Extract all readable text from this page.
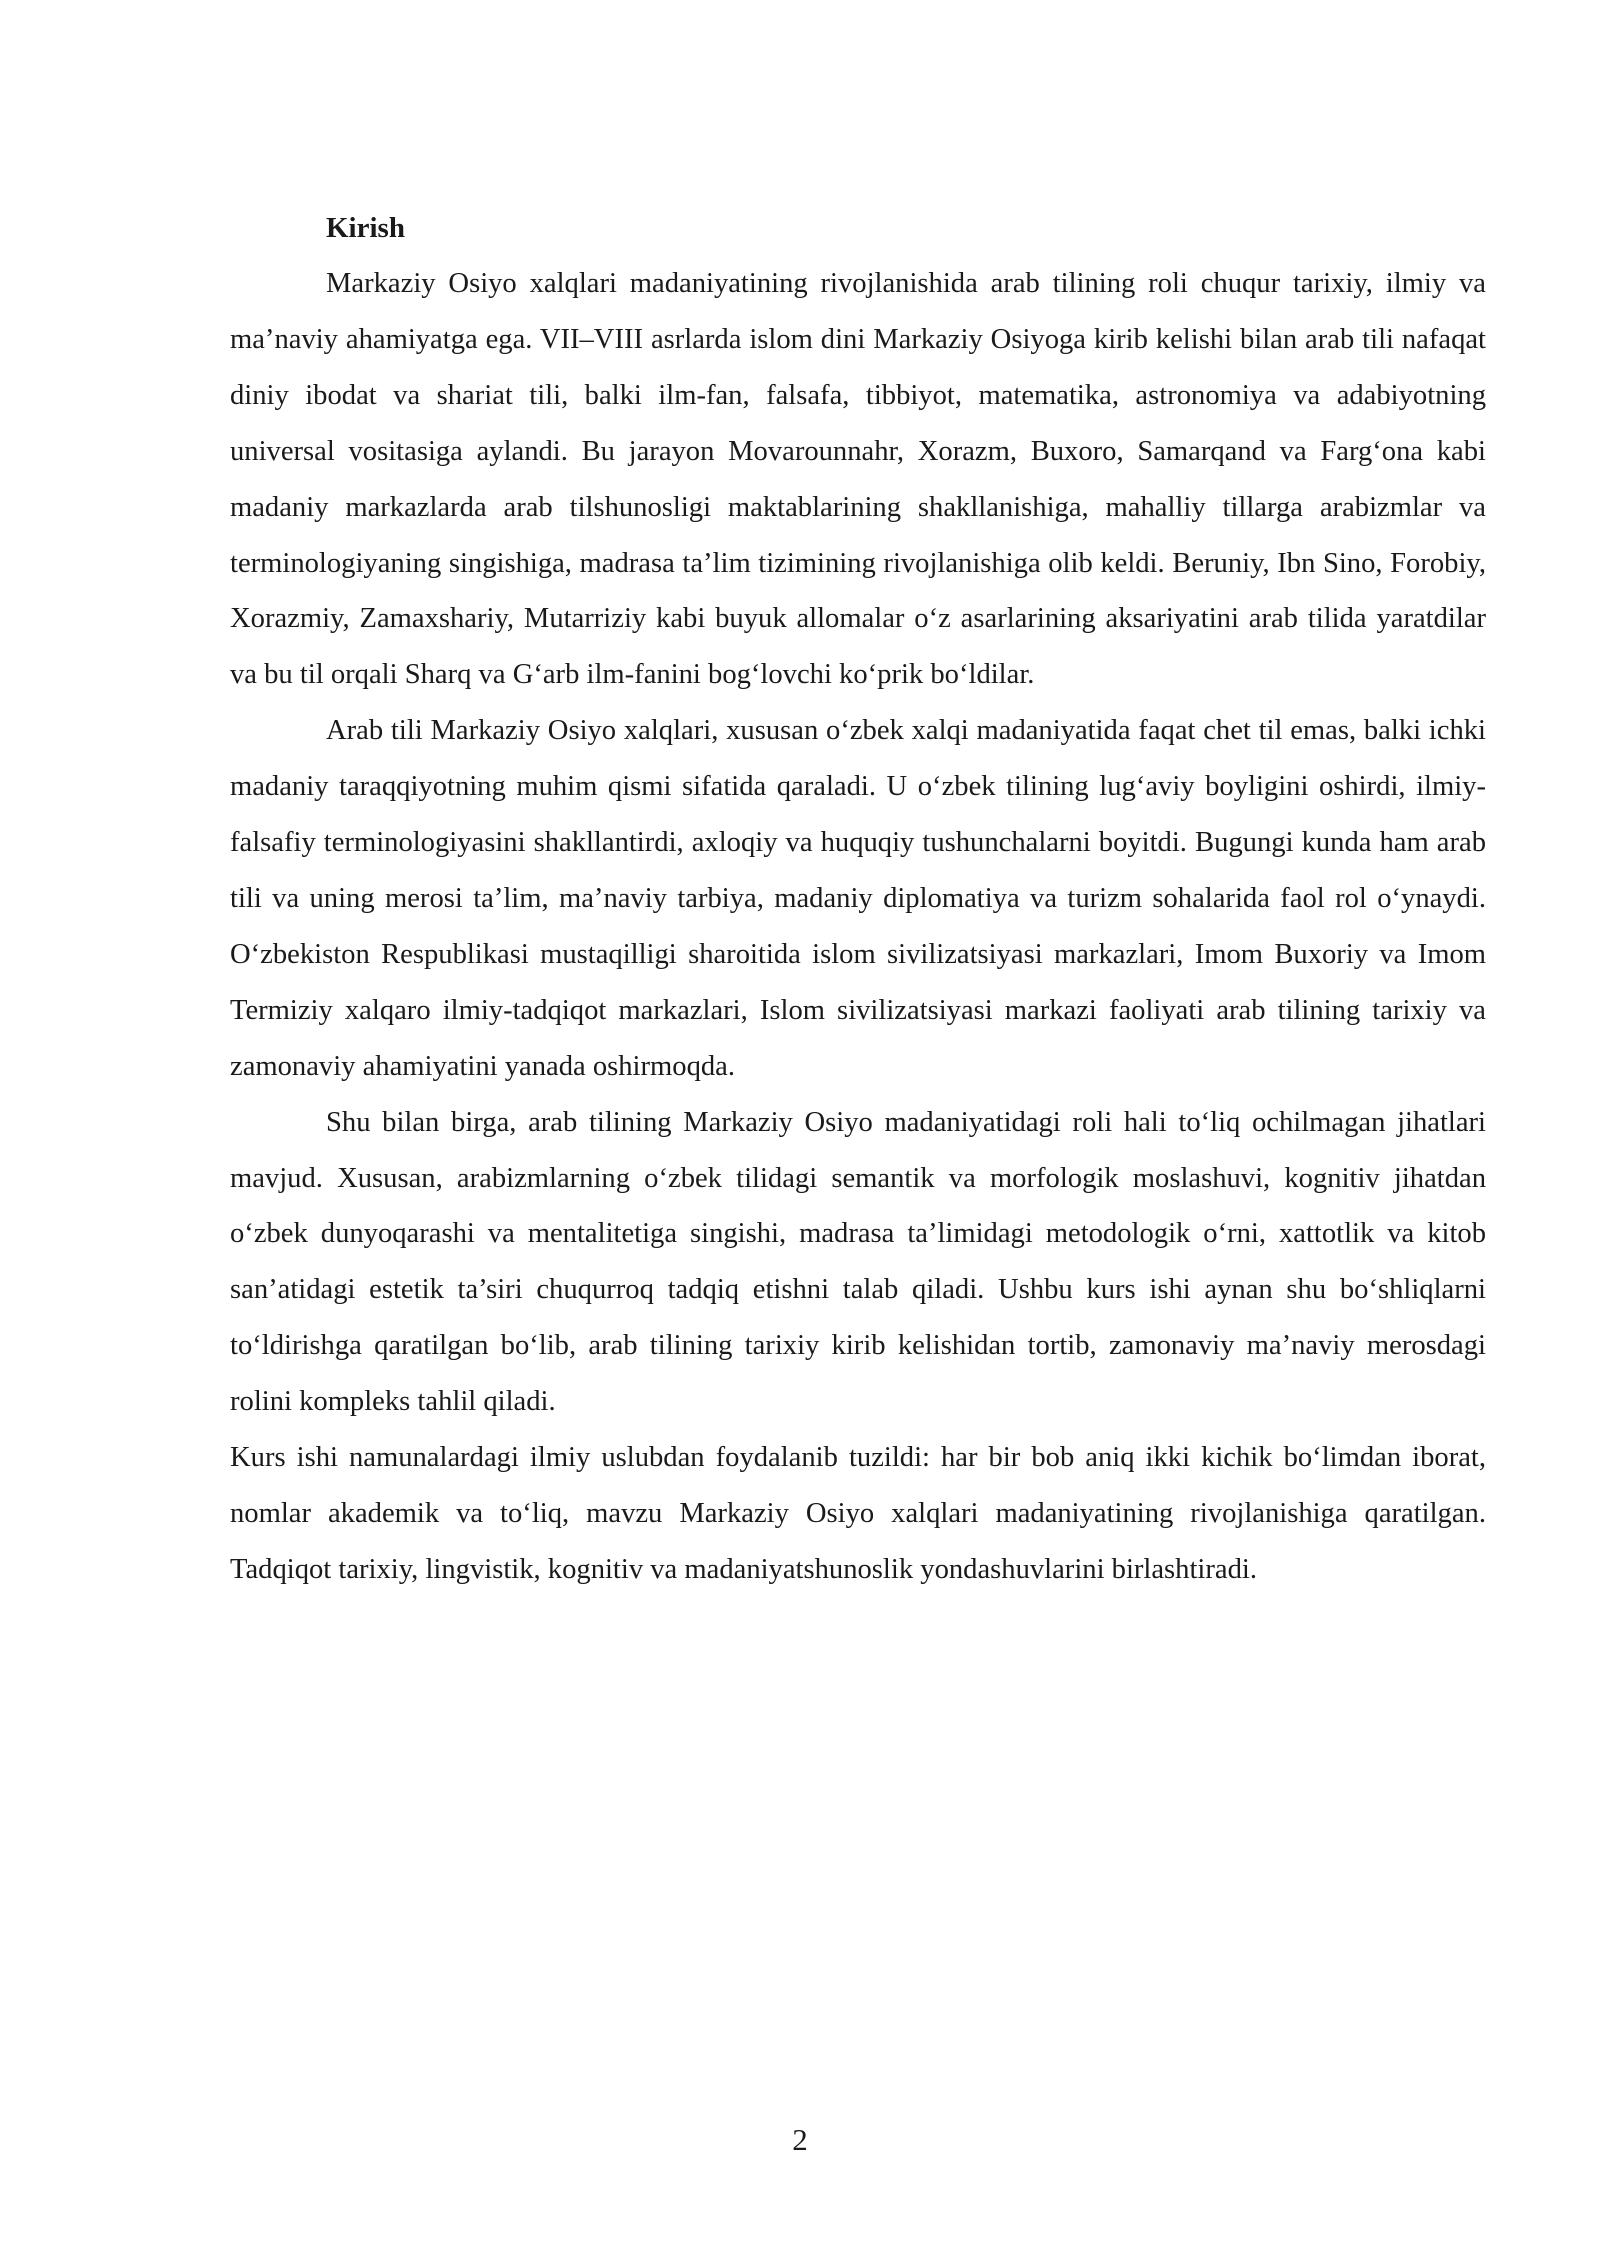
Kirish

Markaziy Osiyo xalqlari madaniyatining rivojlanishida arab tilining roli chuqur tarixiy, ilmiy va ma’naviy ahamiyatga ega. VII–VIII asrlarda islom dini Markaziy Osiyoga kirib kelishi bilan arab tili nafaqat diniy ibodat va shariat tili, balki ilm-fan, falsafa, tibbiyot, matematika, astronomiya va adabiyotning universal vositasiga aylandi. Bu jarayon Movarounnahr, Xorazm, Buxoro, Samarqand va Farg‘ona kabi madaniy markazlarda arab tilshunosligi maktablarining shakllanishiga, mahalliy tillarga arabizmlar va terminologiyaning singishiga, madrasa ta’lim tizimining rivojlanishiga olib keldi. Beruniy, Ibn Sino, Forobiy, Xorazmiy, Zamaxshariy, Mutarriziy kabi buyuk allomalar o‘z asarlarining aksariyatini arab tilida yaratdilar va bu til orqali Sharq va G‘arb ilm-fanini bog‘lovchi ko‘prik bo‘ldilar.

Arab tili Markaziy Osiyo xalqlari, xususan o‘zbek xalqi madaniyatida faqat chet til emas, balki ichki madaniy taraqqiyotning muhim qismi sifatida qaraladi. U o‘zbek tilining lug‘aviy boyligini oshirdi, ilmiy-falsafiy terminologiyasini shakllantirdi, axloqiy va huquqiy tushunchalarni boyitdi. Bugungi kunda ham arab tili va uning merosi ta’lim, ma’naviy tarbiya, madaniy diplomatiya va turizm sohalarida faol rol o‘ynaydi. O‘zbekiston Respublikasi mustaqilligi sharoitida islom sivilizatsiyasi markazlari, Imom Buxoriy va Imom Termiziy xalqaro ilmiy-tadqiqot markazlari, Islom sivilizatsiyasi markazi faoliyati arab tilining tarixiy va zamonaviy ahamiyatini yanada oshirmoqda.

Shu bilan birga, arab tilining Markaziy Osiyo madaniyatidagi roli hali to‘liq ochilmagan jihatlari mavjud. Xususan, arabizmlarning o‘zbek tilidagi semantik va morfologik moslashuvi, kognitiv jihatdan o‘zbek dunyoqarashi va mentalitetiga singishi, madrasa ta’limidagi metodologik o‘rni, xattotlik va kitob san’atidagi estetik ta’siri chuqurroq tadqiq etishni talab qiladi. Ushbu kurs ishi aynan shu bo‘shliqlarni to‘ldirishga qaratilgan bo‘lib, arab tilining tarixiy kirib kelishidan tortib, zamonaviy ma’naviy merosdagi rolini kompleks tahlil qiladi.

Kurs ishi namunalardagi ilmiy uslubdan foydalanib tuzildi: har bir bob aniq ikki kichik bo‘limdan iborat, nomlar akademik va to‘liq, mavzu Markaziy Osiyo xalqlari madaniyatining rivojlanishiga qaratilgan. Tadqiqot tarixiy, lingvistik, kognitiv va madaniyatshunoslik yondashuvlarini birlashtiradi.

2
